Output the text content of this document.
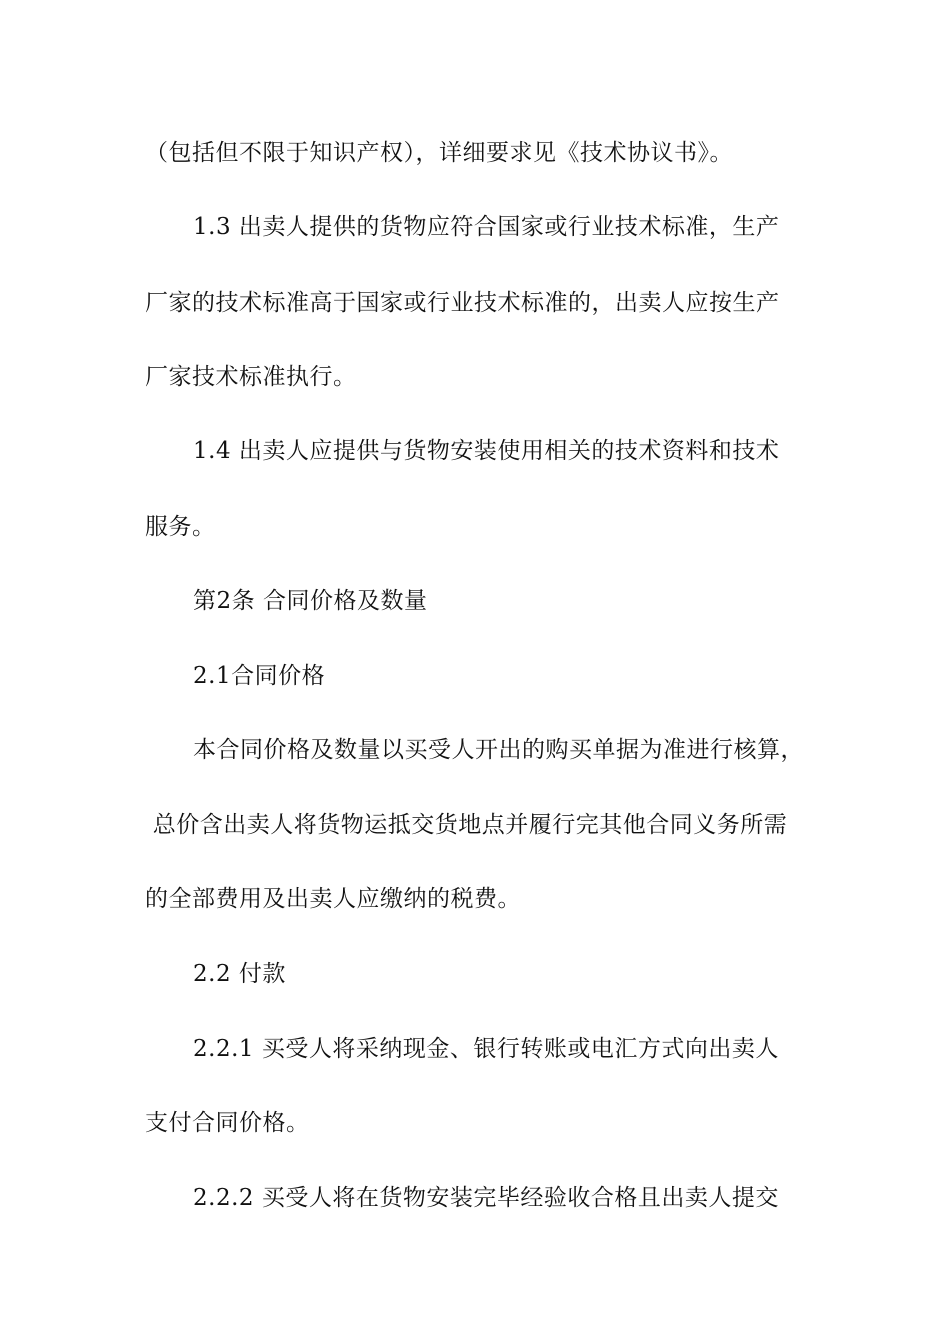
（包括但不限于知识产权），详细要求见《技术协议书》。
1.3 出卖人提供的货物应符合国家或行业技术标准，生产
厂家的技术标准高于国家或行业技术标准的，出卖人应按生产
厂家技术标准执行。
1.4 出卖人应提供与货物安装使用相关的技术资料和技术
服务。
第2条 合同价格及数量
2.1合同价格
本合同价格及数量以买受人开出的购买单据为准进行核算，
总价含出卖人将货物运抵交货地点并履行完其他合同义务所需
的全部费用及出卖人应缴纳的税费。
2.2 付款
2.2.1 买受人将采纳现金、银行转账或电汇方式向出卖人
支付合同价格。
2.2.2 买受人将在货物安装完毕经验收合格且出卖人提交
